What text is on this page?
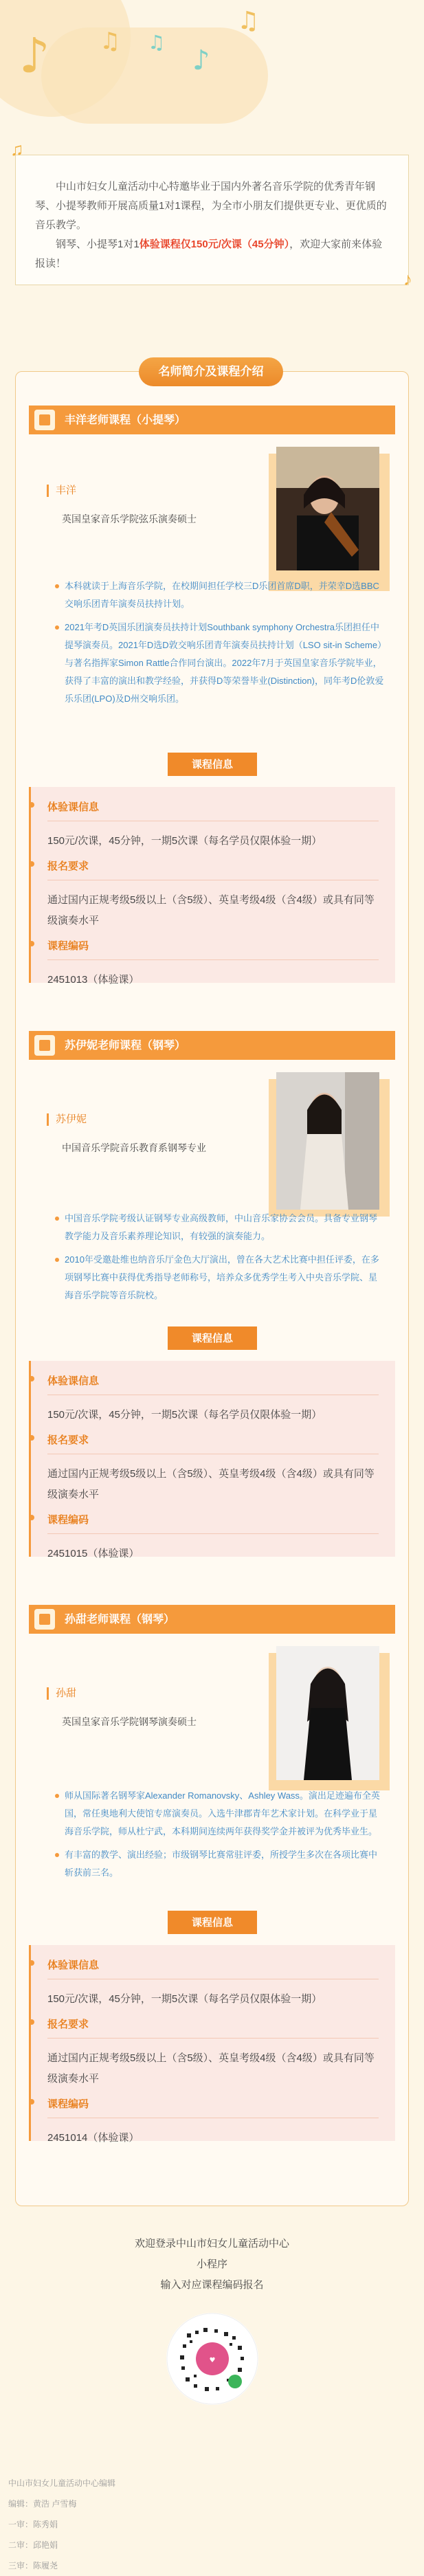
♪ ♫ ♫
♪
♫
♫

中山市妇女儿童活动中心特邀毕业于国内外著名音乐学院的优秀青年钢琴、小提琴教师开展高质量1对1课程，为全市小朋友们提供更专业、更优质的音乐教学。

钢琴、小提琴1对1体验课程仅150元/次课（45分钟），欢迎大家前来体验报读！

♪
名师简介及课程介绍
丰洋老师课程（小提琴）
丰洋
英国皇家音乐学院弦乐演奏硕士
本科就读于上海音乐学院，在校期间担任学校三D乐团首席D职，并荣幸D选BBC交响乐团青年演奏员扶持计划。
2021年考D英国乐团演奏员扶持计划Southbank symphony Orchestra乐团担任中提琴演奏员。2021年D选D敦交响乐团青年演奏员扶持计划（LSO sit-in Scheme）与著名指挥家Simon Rattle合作同台演出。2022年7月于英国皇家音乐学院毕业，获得了丰富的演出和教学经验，并获得D等荣誉毕业(Distinction)，同年考D伦敦爱乐乐团(LPO)及D州交响乐团。
课程信息
体验课信息
150元/次课，45分钟，一期5次课（每名学员仅限体验一期）
报名要求
通过国内正规考级5级以上（含5级）、英皇考级4级（含4级）或具有同等级演奏水平
课程编码
2451013（体验课）
苏伊妮老师课程（钢琴）
苏伊妮
中国音乐学院音乐教育系钢琴专业
中国音乐学院考级认证钢琴专业高级教师，中山音乐家协会会员。具备专业钢琴教学能力及音乐素养理论知识，有较强的演奏能力。
2010年受邀赴维也纳音乐厅金色大厅演出，曾在各大艺术比赛中担任评委，在多项钢琴比赛中获得优秀指导老师称号，培养众多优秀学生考入中央音乐学院、星海音乐学院等音乐院校。
课程信息
体验课信息
150元/次课，45分钟，一期5次课（每名学员仅限体验一期）
报名要求
通过国内正规考级5级以上（含5级）、英皇考级4级（含4级）或具有同等级演奏水平
课程编码
2451015（体验课）
孙甜老师课程（钢琴）
孙甜
英国皇家音乐学院钢琴演奏硕士
师从国际著名钢琴家Alexander Romanovsky、Ashley Wass。演出足迹遍布全英国，常任奥地利大使馆专席演奏员。入选牛津郡青年艺术家计划。在科学业于星海音乐学院，师从杜宁武，本科期间连续两年获得奖学金并被评为优秀毕业生。
有丰富的教学、演出经验；市级钢琴比赛常驻评委，所授学生多次在各项比赛中斩获前三名。
课程信息
体验课信息
150元/次课，45分钟，一期5次课（每名学员仅限体验一期）
报名要求
通过国内正规考级5级以上（含5级）、英皇考级4级（含4级）或具有同等级演奏水平
课程编码
2451014（体验课）
欢迎登录中山市妇女儿童活动中心
小程序
输入对应课程编码报名
♥
中山市妇女儿童活动中心编辑
编辑：黄浩 卢雪梅
一审：陈秀娟
二审：邱艳娟
三审：陈履尧
